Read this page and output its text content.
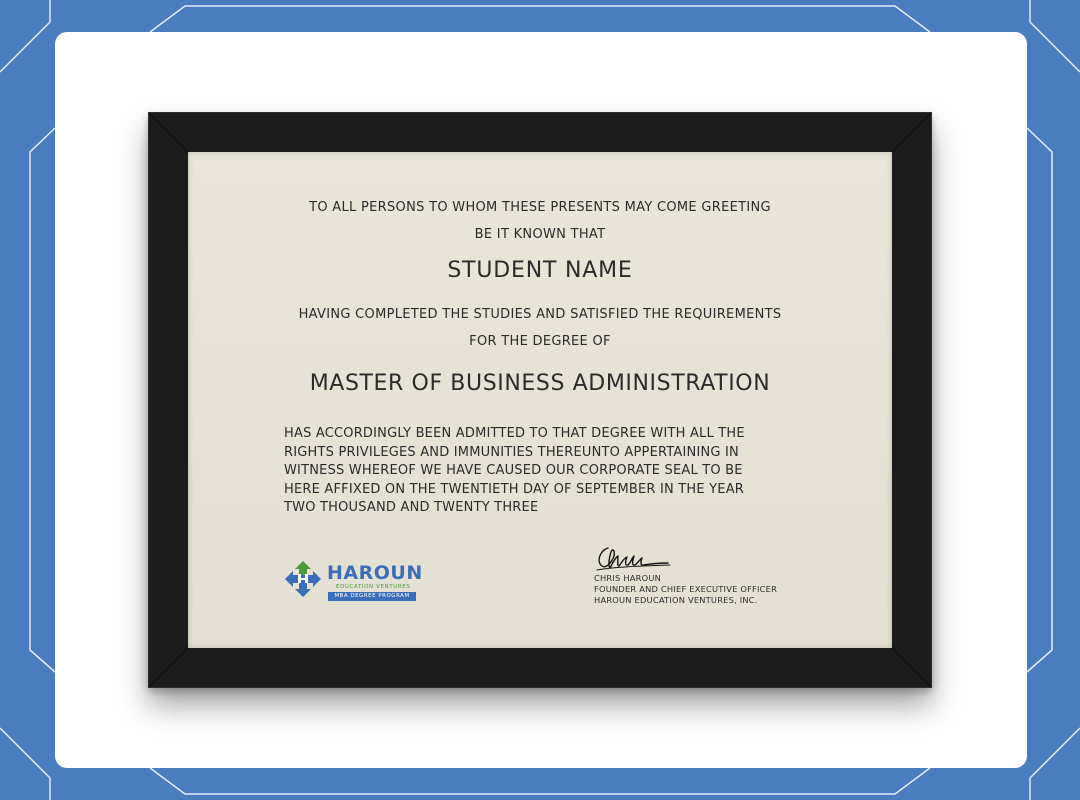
TO ALL PERSONS TO WHOM THESE PRESENTS MAY COME GREETING
BE IT KNOWN THAT
STUDENT NAME
HAVING COMPLETED THE STUDIES AND SATISFIED THE REQUIREMENTS
FOR THE DEGREE OF
MASTER OF BUSINESS ADMINISTRATION
HAS ACCORDINGLY BEEN ADMITTED TO THAT DEGREE WITH ALL THE
RIGHTS PRIVILEGES AND IMMUNITIES THEREUNTO APPERTAINING IN
WITNESS WHEREOF WE HAVE CAUSED OUR CORPORATE SEAL TO BE
HERE AFFIXED ON THE TWENTIETH DAY OF SEPTEMBER IN THE YEAR
TWO THOUSAND AND TWENTY THREE
HAROUN
EDUCATION VENTURES
MBA DEGREE PROGRAM
CHRIS HAROUN
FOUNDER AND CHIEF EXECUTIVE OFFICER
HAROUN EDUCATION VENTURES, INC.
